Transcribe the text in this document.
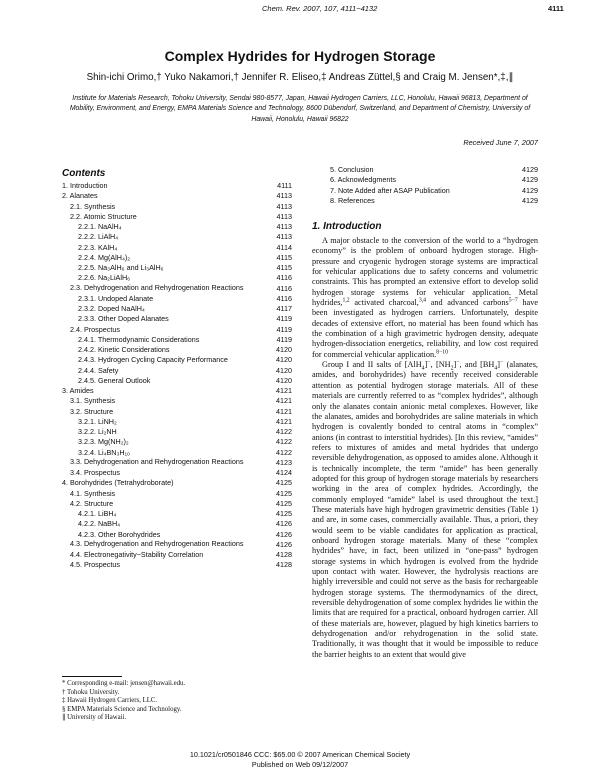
Chem. Rev. 2007, 107, 4111−4132	4111
Complex Hydrides for Hydrogen Storage
Shin-ichi Orimo,† Yuko Nakamori,† Jennifer R. Eliseo,‡ Andreas Züttel,§ and Craig M. Jensen*,‡,∥
Institute for Materials Research, Tohoku University, Sendai 980-8577, Japan, Hawaii Hydrogen Carriers, LLC, Honolulu, Hawaii 96813, Department of Mobility, Environment, and Energy, EMPA Materials Science and Technology, 8600 Dübendorf, Switzerland, and Department of Chemistry, University of Hawaii, Honolulu, Hawaii 96822
Received June 7, 2007
Contents
1. Introduction	4111
2. Alanates	4113
2.1. Synthesis	4113
2.2. Atomic Structure	4113
2.2.1. NaAlH₄	4113
2.2.2. LiAlH₄	4113
2.2.3. KAlH₄	4114
2.2.4. Mg(AlH₄)₂	4115
2.2.5. Na₃AlH₆ and Li₃AlH₆	4115
2.2.6. Na₂LiAlH₆	4116
2.3. Dehydrogenation and Rehydrogenation Reactions	4116
2.3.1. Undoped Alanate	4116
2.3.2. Doped NaAlH₄	4117
2.3.3. Other Doped Alanates	4119
2.4. Prospectus	4119
2.4.1. Thermodynamic Considerations	4119
2.4.2. Kinetic Considerations	4120
2.4.3. Hydrogen Cycling Capacity Performance	4120
2.4.4. Safety	4120
2.4.5. General Outlook	4120
3. Amides	4121
3.1. Synthesis	4121
3.2. Structure	4121
3.2.1. LiNH₂	4121
3.2.2. Li₂NH	4122
3.2.3. Mg(NH₂)₂	4122
3.2.4. Li₄BN₃H₁₀	4122
3.3. Dehydrogenation and Rehydrogenation Reactions	4123
3.4. Prospectus	4124
4. Borohydrides (Tetrahydroborate)	4125
4.1. Synthesis	4125
4.2. Structure	4125
4.2.1. LiBH₄	4125
4.2.2. NaBH₄	4126
4.2.3. Other Borohydrides	4126
4.3. Dehydrogenation and Rehydrogenation Reactions	4126
4.4. Electronegativity−Stability Correlation	4128
4.5. Prospectus	4128
5. Conclusion	4129
6. Acknowledgments	4129
7. Note Added after ASAP Publication	4129
8. References	4129
1. Introduction

A major obstacle to the conversion of the world to a “hydrogen economy” is the problem of onboard hydrogen storage. High-pressure and cryogenic hydrogen storage systems are impractical for vehicular applications due to safety concerns and volumetric constraints. This has prompted an extensive effort to develop solid hydrogen storage systems for vehicular application. Metal hydrides,$^{1,2}$ activated charcoal,$^{3,4}$ and advanced carbons$^{5-7}$ have been investigated as hydrogen carriers. Unfortunately, despite decades of extensive effort, no material has been found which has the combination of a high gravimetric hydrogen density, adequate hydrogen-dissociation energetics, reliability, and low cost required for commercial vehicular application.$^{8-10}$

Group I and II salts of [AlH$_4$]−, $[NH_2]^-$, and $[BH_4]^-$ (alanates, amides, and borohydrides) have recently received considerable attention as potential hydrogen storage materials. All of these materials are currently referred to as “complex hydrides”, although only the alanates contain anionic metal complexes. However, like the alanates, amides and borohydrides are saline materials in which hydrogen is covalently bonded to central atoms in “complex” anions (in contrast to interstitial hydrides). [In this review, “amides” refers to mixtures of amides and metal hydrides that undergo reversible dehydrogenation, as opposed to amides alone. Although it is technically incomplete, the term “amide” has been generally adopted for this group of hydrogen storage materials by researchers working in the area of complex hydrides. Accordingly, the commonly employed “amide” label is used throughout the text.] These materials have high hydrogen gravimetric densities (Table 1) and are, in some cases, commercially available. Thus, a priori, they would seem to be viable candidates for application as practical, onboard hydrogen storage materials. Many of these “complex hydrides” have, in fact, been utilized in “one-pass” hydrogen storage systems in which hydrogen is evolved from the hydride upon contact with water. However, the hydrolysis reactions are highly irreversible and could not serve as the basis for rechargeable hydrogen storage systems. The thermodynamics of the direct, reversible dehydrogenation of some complex hydrides lie within the limits that are required for a practical, onboard hydrogen carrier. All of these materials are, however, plagued by high kinetics barriers to dehydrogenation and/or rehydrogenation in the solid state. Traditionally, it was thought that it would be impossible to reduce the barrier heights to an extent that would give

* Corresponding e-mail: jensen@hawaii.edu.
† Tohoku University.
‡ Hawaii Hydrogen Carriers, LLC.
§ EMPA Materials Science and Technology.
∥ University of Hawaii.
10.1021/cr0501846 CCC: $65.00 © 2007 American Chemical Society
Published on Web 09/12/2007
